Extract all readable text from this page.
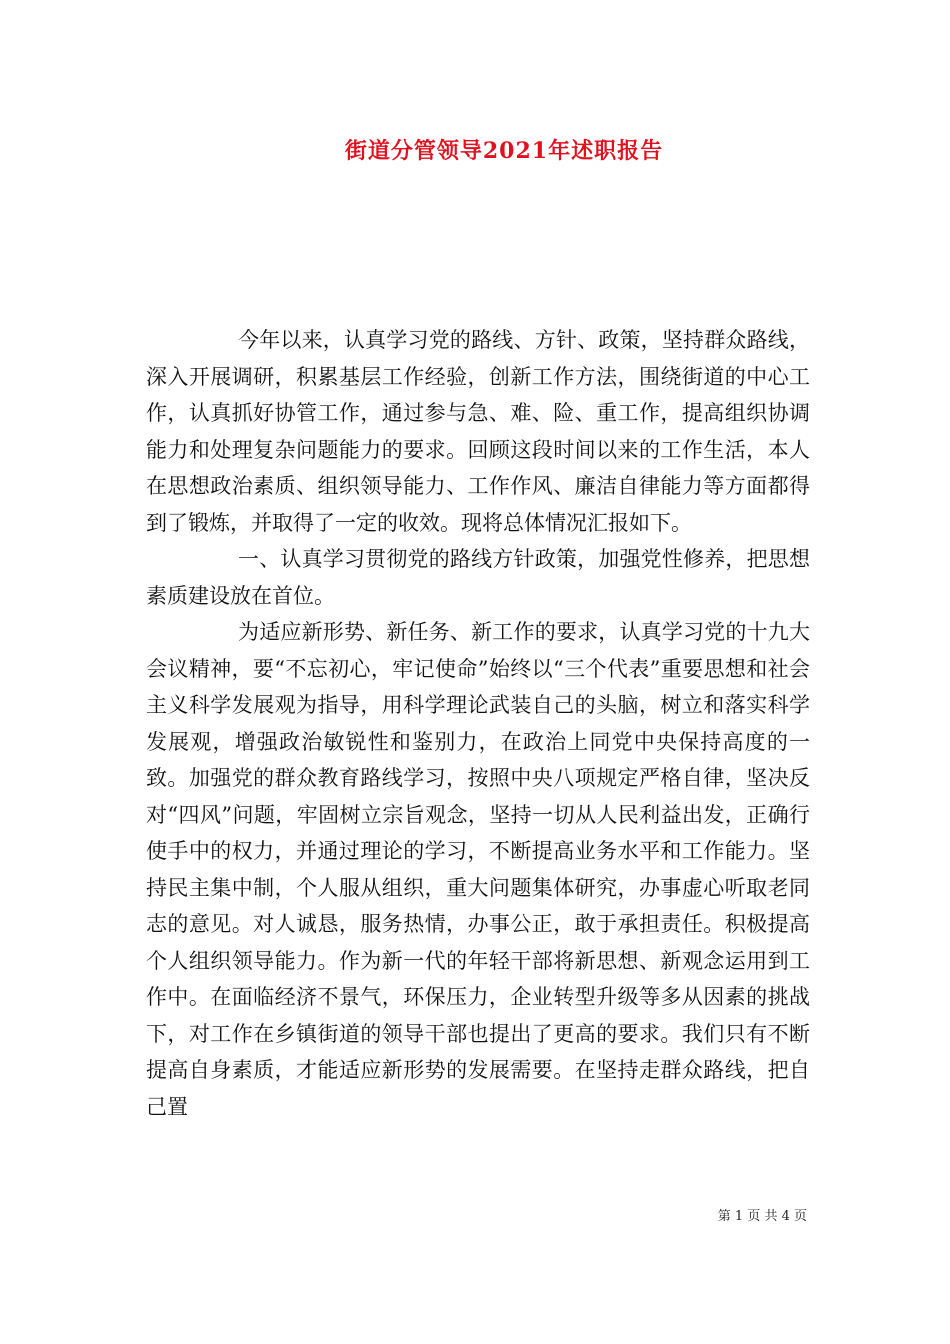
街道分管领导2021年述职报告

今年以来，认真学习党的路线、方针、政策，坚持群众路线，深入开展调研，积累基层工作经验，创新工作方法，围绕街道的中心工作，认真抓好协管工作，通过参与急、难、险、重工作，提高组织协调能力和处理复杂问题能力的要求。回顾这段时间以来的工作生活，本人在思想政治素质、组织领导能力、工作作风、廉洁自律能力等方面都得到了锻炼，并取得了一定的收效。现将总体情况汇报如下。

一、认真学习贯彻党的路线方针政策，加强党性修养，把思想素质建设放在首位。

为适应新形势、新任务、新工作的要求，认真学习党的十九大会议精神，要“不忘初心，牢记使命”始终以“三个代表”重要思想和社会主义科学发展观为指导，用科学理论武装自己的头脑，树立和落实科学发展观，增强政治敏锐性和鉴别力，在政治上同党中央保持高度的一致。加强党的群众教育路线学习，按照中央八项规定严格自律，坚决反对“四风”问题，牢固树立宗旨观念，坚持一切从人民利益出发，正确行使手中的权力，并通过理论的学习，不断提高业务水平和工作能力。坚持民主集中制，个人服从组织，重大问题集体研究，办事虚心听取老同志的意见。对人诚恳，服务热情，办事公正，敢于承担责任。积极提高个人组织领导能力。作为新一代的年轻干部将新思想、新观念运用到工作中。在面临经济不景气，环保压力，企业转型升级等多从因素的挑战下，对工作在乡镇街道的领导干部也提出了更高的要求。我们只有不断提高自身素质，才能适应新形势的发展需要。在坚持走群众路线，把自己置

第 1 页 共 4 页
